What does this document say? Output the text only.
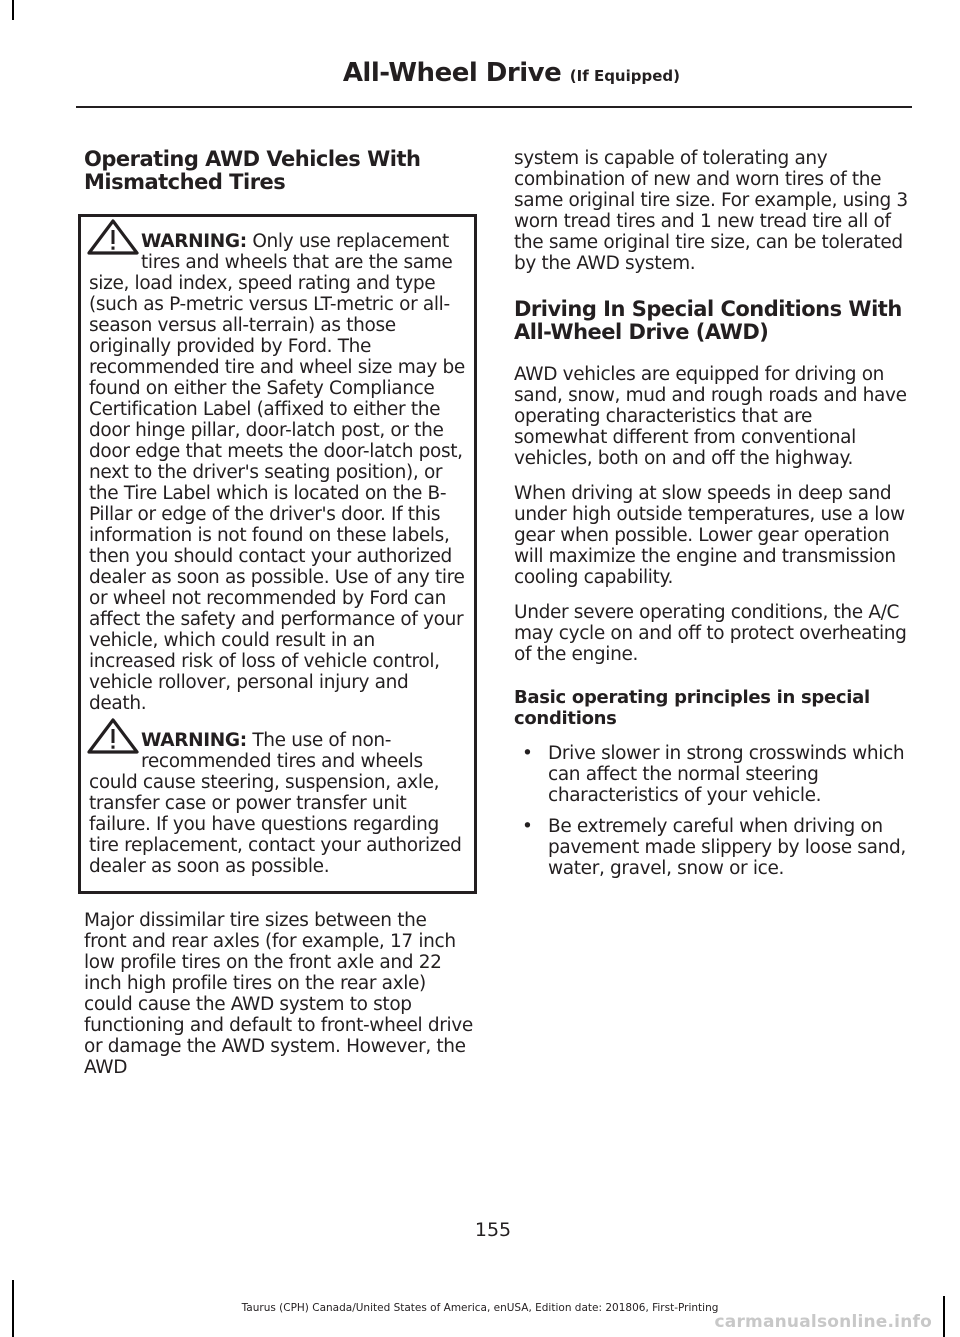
All-Wheel Drive (If Equipped)
Operating AWD Vehicles With Mismatched Tires
WARNING: Only use replacement tires and wheels that are the same size, load index, speed rating and type (such as P-metric versus LT-metric or all-season versus all-terrain) as those originally provided by Ford. The recommended tire and wheel size may be found on either the Safety Compliance Certification Label (affixed to either the door hinge pillar, door-latch post, or the door edge that meets the door-latch post, next to the driver's seating position), or the Tire Label which is located on the B-Pillar or edge of the driver's door. If this information is not found on these labels, then you should contact your authorized dealer as soon as possible. Use of any tire or wheel not recommended by Ford can affect the safety and performance of your vehicle, which could result in an increased risk of loss of vehicle control, vehicle rollover, personal injury and death.
WARNING: The use of non-recommended tires and wheels could cause steering, suspension, axle, transfer case or power transfer unit failure. If you have questions regarding tire replacement, contact your authorized dealer as soon as possible.

Major dissimilar tire sizes between the front and rear axles (for example, 17 inch low profile tires on the front axle and 22 inch high profile tires on the rear axle) could cause the AWD system to stop functioning and default to front-wheel drive or damage the AWD system. However, the AWD

system is capable of tolerating any combination of new and worn tires of the same original tire size. For example, using 3 worn tread tires and 1 new tread tire all of the same original tire size, can be tolerated by the AWD system.

Driving In Special Conditions With All-Wheel Drive (AWD)

AWD vehicles are equipped for driving on sand, snow, mud and rough roads and have operating characteristics that are somewhat different from conventional vehicles, both on and off the highway.

When driving at slow speeds in deep sand under high outside temperatures, use a low gear when possible. Lower gear operation will maximize the engine and transmission cooling capability.

Under severe operating conditions, the A/C may cycle on and off to protect overheating of the engine.

Basic operating principles in special conditions
• Drive slower in strong crosswinds which can affect the normal steering characteristics of your vehicle.
• Be extremely careful when driving on pavement made slippery by loose sand, water, gravel, snow or ice.
155
Taurus (CPH) Canada/United States of America, enUSA, Edition date: 201806, First-Printing
carmanualsonline.info
